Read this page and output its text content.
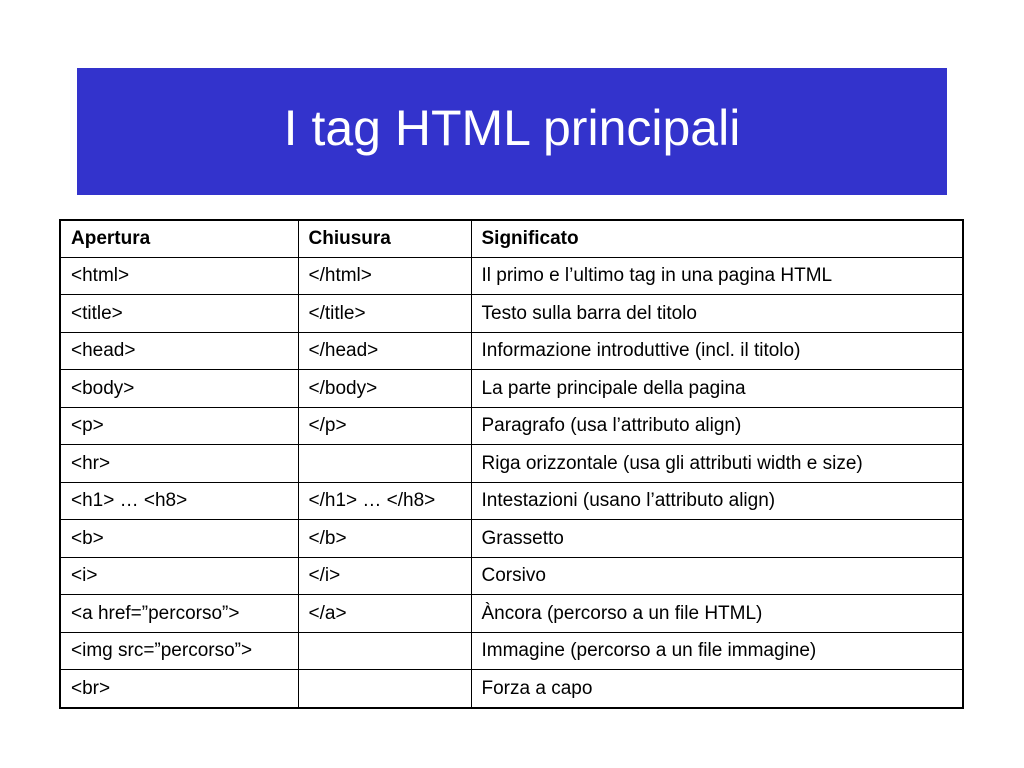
I tag HTML principali
Apertura	Chiusura	Significato
<html>	</html>	Il primo e l’ultimo tag in una pagina HTML
<title>	</title>	Testo sulla barra del titolo
<head>	</head>	Informazione introduttive (incl. il titolo)
<body>	</body>	La parte principale della pagina
<p>	</p>	Paragrafo (usa l’attributo align)
<hr>		Riga orizzontale (usa gli attributi width e size)
<h1> … <h8>	</h1> … </h8>	Intestazioni (usano l’attributo align)
<b>	</b>	Grassetto
<i>	</i>	Corsivo
<a href=”percorso”>	</a>	Àncora (percorso a un file HTML)
<img src=”percorso”>		Immagine (percorso a un file immagine)
<br>		Forza a capo
